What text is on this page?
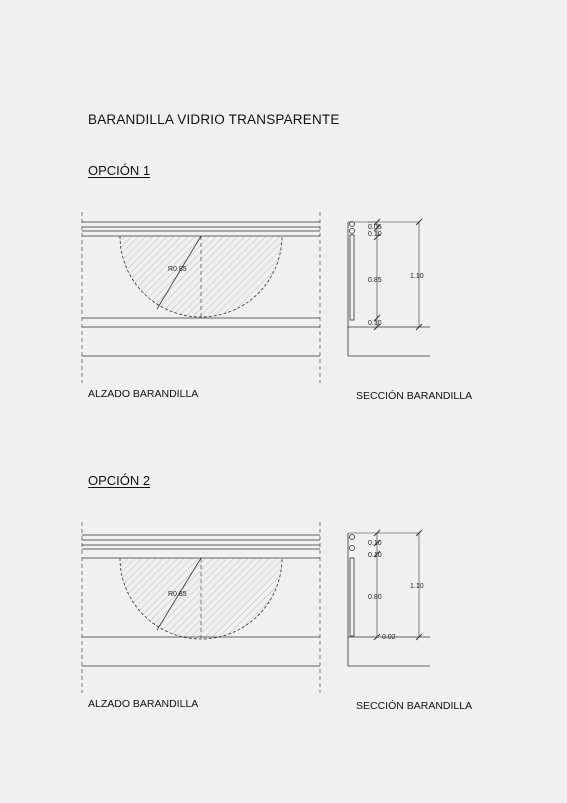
BARANDILLA VIDRIO TRANSPARENTE
OPCIÓN 1
OPCIÓN 2
ALZADO BARANDILLA	SECCIÓN BARANDILLA
ALZADO BARANDILLA	SECCIÓN BARANDILLA
R0.85
0.05
0.10
0.85
0.10
1.10
R0.85
0.10
0.10
0.80
0.02
1.10
